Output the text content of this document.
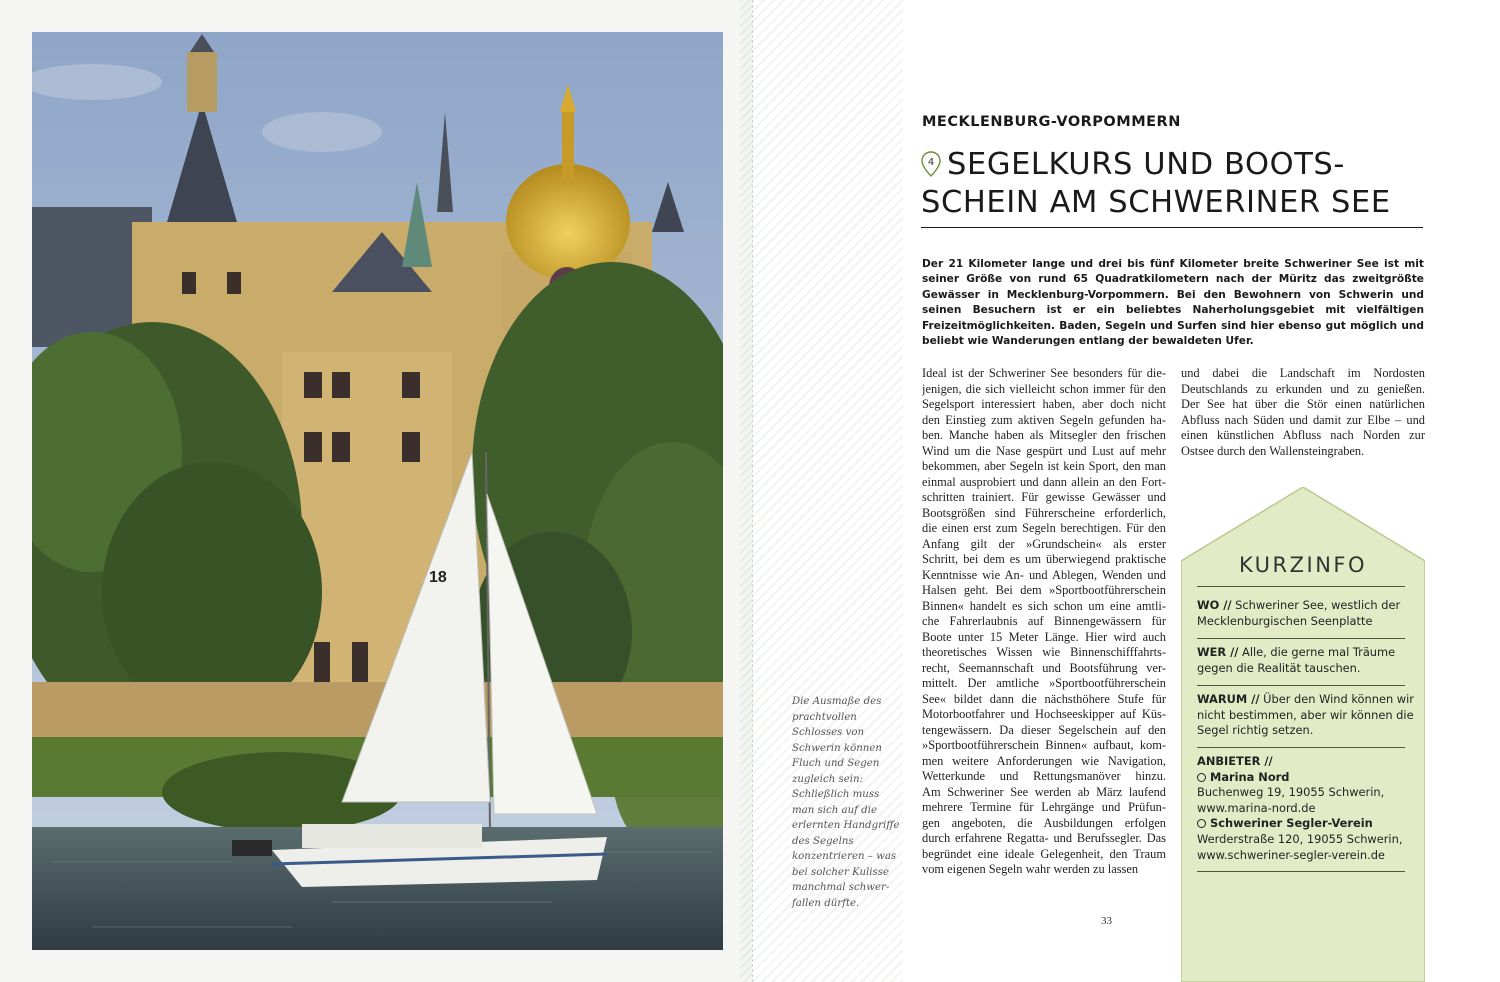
18
Die Ausmaße des prachtvollen Schlosses von Schwerin können Fluch und Segen zugleich sein: Schließlich muss man sich auf die erlernten Handgriffe des Segelns konzentrieren – was bei solcher Kulisse manchmal schwerfallen dürfte.
MECKLENBURG-VORPOMMERN
4 SEGELKURS UND BOOTS-
SCHEIN AM SCHWERINER SEE

Der 21 Kilometer lange und drei bis fünf Kilometer breite Schweriner See ist mit seiner Größe von rund 65 Quadratkilometern nach der Müritz das zweitgrößte Gewässer in Mecklenburg-Vorpommern. Bei den Bewohnern von Schwerin und seinen Besuchern ist er ein beliebtes Naherholungsgebiet mit vielfältigen Freizeitmöglichkeiten. Baden, Segeln und Surfen sind hier ebenso gut möglich und beliebt wie Wanderungen entlang der bewaldeten Ufer.

Ideal ist der Schweriner See besonders für die-
jenigen, die sich vielleicht schon immer für den
Segelsport interessiert haben, aber doch nicht
den Einstieg zum aktiven Segeln gefunden ha-
ben. Manche haben als Mitsegler den frischen
Wind um die Nase gespürt und Lust auf mehr
bekommen, aber Segeln ist kein Sport, den man
einmal ausprobiert und dann allein an den Fort-
schritten trainiert. Für gewisse Gewässer und
Bootsgrößen sind Führerscheine erforderlich,
die einen erst zum Segeln berechtigen. Für den
Anfang gilt der »Grundschein« als erster
Schritt, bei dem es um überwiegend praktische
Kenntnisse wie An- und Ablegen, Wenden und
Halsen geht. Bei dem »Sportbootführerschein
Binnen« handelt es sich schon um eine amtli-
che Fahrerlaubnis auf Binnengewässern für
Boote unter 15 Meter Länge. Hier wird auch
theoretisches Wissen wie Binnenschifffahrts-
recht, Seemannschaft und Bootsführung ver-
mittelt. Der amtliche »Sportbootführerschein
See« bildet dann die nächsthöhere Stufe für
Motorbootfahrer und Hochseeskipper auf Küs-
tengewässern. Da dieser Segelschein auf den
»Sportbootführerschein Binnen« aufbaut, kom-
men weitere Anforderungen wie Navigation,
Wetterkunde und Rettungsmanöver hinzu.
Am Schweriner See werden ab März laufend
mehrere Termine für Lehrgänge und Prüfun-
gen angeboten, die Ausbildungen erfolgen
durch erfahrene Regatta- und Berufssegler. Das
begründet eine ideale Gelegenheit, den Traum
vom eigenen Segeln wahr werden zu lassen
und dabei die Landschaft im Nordosten
Deutschlands zu erkunden und zu genießen.
Der See hat über die Stör einen natürlichen
Abfluss nach Süden und damit zur Elbe – und
einen künstlichen Abfluss nach Norden zur
Ostsee durch den Wallensteingraben.
33
KURZINFO
WO // Schweriner See, westlich der Mecklenburgischen Seenplatte
WER // Alle, die gerne mal Träume gegen die Realität tauschen.
WARUM // Über den Wind können wir nicht bestimmen, aber wir können die Segel richtig setzen.
ANBIETER //
Marina Nord
Buchenweg 19, 19055 Schwerin,
www.marina-nord.de
Schweriner Segler-Verein
Werderstraße 120, 19055 Schwerin,
www.schweriner-segler-verein.de
